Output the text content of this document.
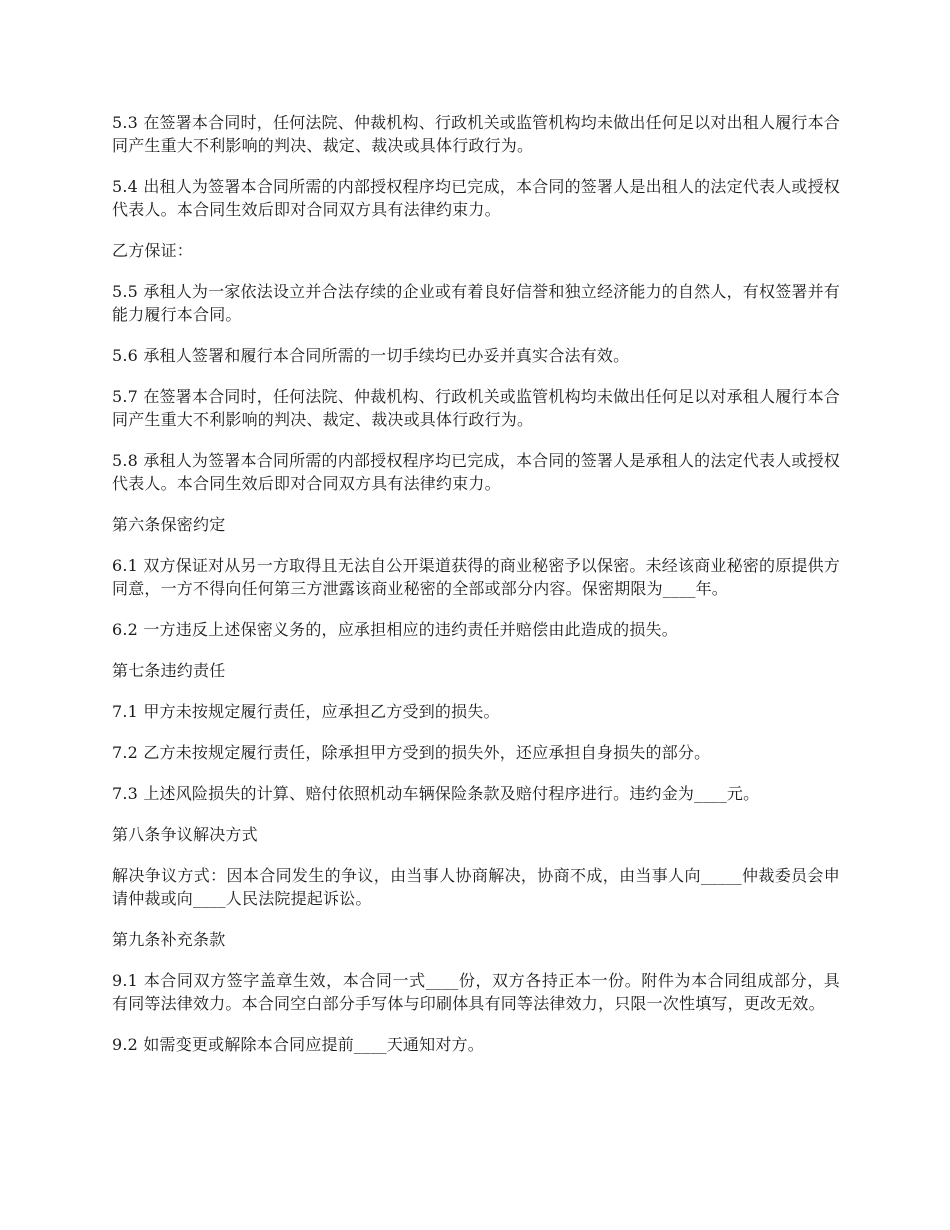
5.3 在签署本合同时，任何法院、仲裁机构、行政机关或监管机构均未做出任何足以对出租人履行本合同产生重大不利影响的判决、裁定、裁决或具体行政行为。

5.4 出租人为签署本合同所需的内部授权程序均已完成，本合同的签署人是出租人的法定代表人或授权代表人。本合同生效后即对合同双方具有法律约束力。

乙方保证：

5.5 承租人为一家依法设立并合法存续的企业或有着良好信誉和独立经济能力的自然人，有权签署并有能力履行本合同。

5.6 承租人签署和履行本合同所需的一切手续均已办妥并真实合法有效。

5.7 在签署本合同时，任何法院、仲裁机构、行政机关或监管机构均未做出任何足以对承租人履行本合同产生重大不利影响的判决、裁定、裁决或具体行政行为。

5.8 承租人为签署本合同所需的内部授权程序均已完成，本合同的签署人是承租人的法定代表人或授权代表人。本合同生效后即对合同双方具有法律约束力。

第六条保密约定

6.1 双方保证对从另一方取得且无法自公开渠道获得的商业秘密予以保密。未经该商业秘密的原提供方同意，一方不得向任何第三方泄露该商业秘密的全部或部分内容。保密期限为____年。

6.2 一方违反上述保密义务的，应承担相应的违约责任并赔偿由此造成的损失。

第七条违约责任

7.1 甲方未按规定履行责任，应承担乙方受到的损失。

7.2 乙方未按规定履行责任，除承担甲方受到的损失外，还应承担自身损失的部分。

7.3 上述风险损失的计算、赔付依照机动车辆保险条款及赔付程序进行。违约金为____元。

第八条争议解决方式

解决争议方式：因本合同发生的争议，由当事人协商解决，协商不成，由当事人向_____仲裁委员会申请仲裁或向____人民法院提起诉讼。

第九条补充条款

9.1 本合同双方签字盖章生效，本合同一式____份，双方各持正本一份。附件为本合同组成部分，具有同等法律效力。本合同空白部分手写体与印刷体具有同等法律效力，只限一次性填写，更改无效。

9.2 如需变更或解除本合同应提前____天通知对方。
